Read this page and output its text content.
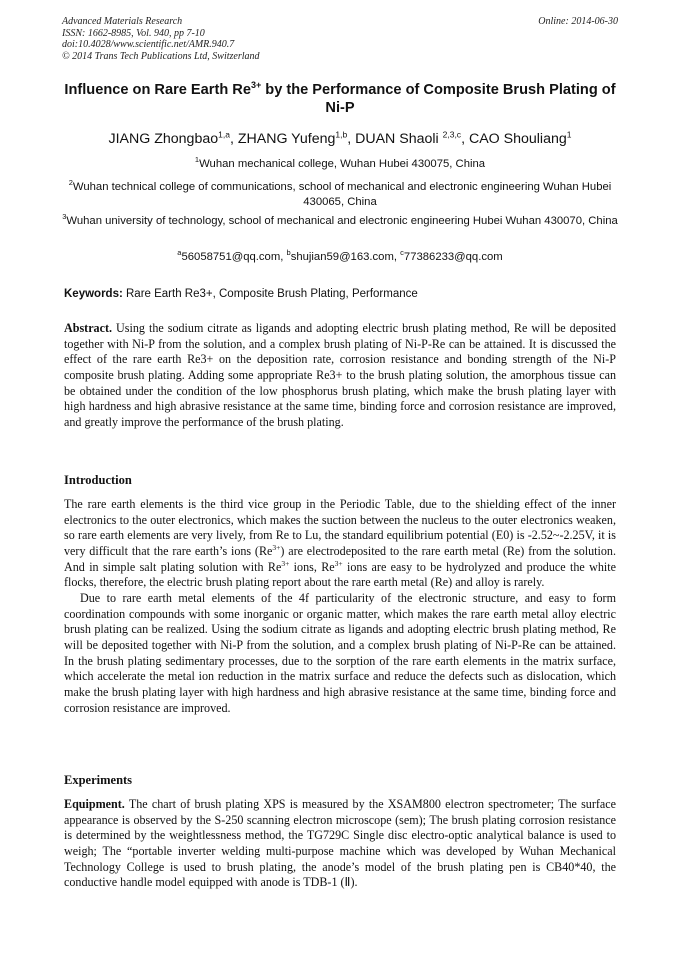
Advanced Materials Research
ISSN: 1662-8985, Vol. 940, pp 7-10
doi:10.4028/www.scientific.net/AMR.940.7
© 2014 Trans Tech Publications Ltd, Switzerland
Online: 2014-06-30
Influence on Rare Earth $Re^{3+}$ by the Performance of Composite Brush Plating of Ni-P
JIANG Zhongbao$^{1,a}$, ZHANG Yufeng$^{1,b}$, DUAN Shaoli $^{2,3,c}$, CAO Shouliang$^1$
$^1$Wuhan mechanical college, Wuhan Hubei 430075, China
$^2$Wuhan technical college of communications, school of mechanical and electronic engineering Wuhan Hubei 430065, China
$^3$Wuhan university of technology, school of mechanical and electronic engineering Hubei Wuhan 430070, China
$^a$56058751@qq.com, $^b$shujian59@163.com, $^c$77386233@qq.com
Keywords: Rare Earth Re3+, Composite Brush Plating, Performance
Abstract. Using the sodium citrate as ligands and adopting electric brush plating method, Re will be deposited together with Ni-P from the solution, and a complex brush plating of Ni-P-Re can be attained. It is discussed the effect of the rare earth Re3+ on the deposition rate, corrosion resistance and bonding strength of the Ni-P composite brush plating. Adding some appropriate Re3+ to the brush plating solution, the amorphous tissue can be obtained under the condition of the low phosphorus brush plating, which make the brush plating layer with high hardness and high abrasive resistance at the same time, binding force and corrosion resistance are improved, and greatly improve the performance of the brush plating.
Introduction

The rare earth elements is the third vice group in the Periodic Table, due to the shielding effect of the inner electronics to the outer electronics, which makes the suction between the nucleus to the outer electronics weaken, so rare earth elements are very lively, from Re to Lu, the standard equilibrium potential (E0) is -2.52~-2.25V, it is very difficult that the rare earth’s ions $(Re^{3+})$ are electrodeposited to the rare earth metal (Re) from the solution. And in simple salt plating solution with $Re^{3+}$ ions, $Re^{3+}$ ions are easy to be hydrolyzed and produce the white flocks, therefore, the electric brush plating report about the rare earth metal (Re) and alloy is rarely.

Due to rare earth metal elements of the 4f particularity of the electronic structure, and easy to form coordination compounds with some inorganic or organic matter, which makes the rare earth metal alloy electric brush plating can be realized. Using the sodium citrate as ligands and adopting electric brush plating method, Re will be deposited together with Ni-P from the solution, and a complex brush plating of Ni-P-Re can be attained. In the brush plating sedimentary processes, due to the sorption of the rare earth elements in the matrix surface, which accelerate the metal ion reduction in the matrix surface and reduce the defects such as dislocation, which make the brush plating layer with high hardness and high abrasive resistance at the same time, binding force and corrosion resistance are improved.

Experiments
Equipment. The chart of brush plating XPS is measured by the XSAM800 electron spectrometer; The surface appearance is observed by the S-250 scanning electron microscope (sem); The brush plating corrosion resistance is determined by the weightlessness method, the TG729C Single disc electro-optic analytical balance is used to weigh; The “portable inverter welding multi-purpose machine which was developed by Wuhan Mechanical Technology College is used to brush plating, the anode’s model of the brush plating pen is CB40*40, the conductive handle model equipped with anode is TDB-1 (Ⅱ).
